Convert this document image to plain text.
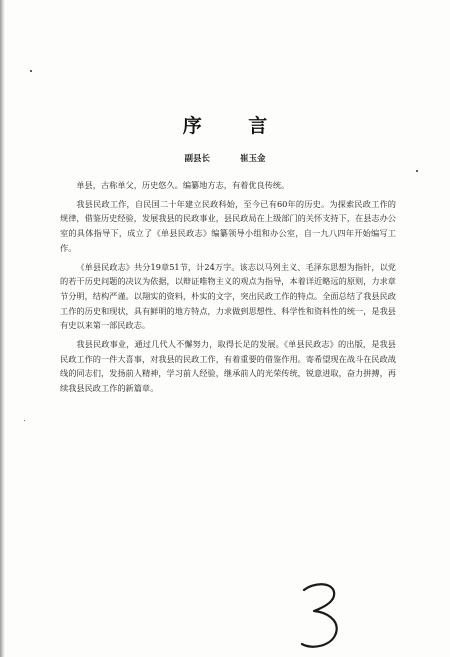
序 言
副县长	崔玉金

单县，古称单父，历史悠久。编纂地方志，有着优良传统。

我县民政工作，自民国二十年建立民政科始，至今已有60年的历史。为探索民政工作的规律，借鉴历史经验，发展我县的民政事业，县民政局在上级部门的关怀支持下，在县志办公室的具体指导下，成立了《单县民政志》编纂领导小组和办公室，自一九八四年开始编写工作。

《单县民政志》共分19章51节，计24万字。该志以马列主义、毛泽东思想为指针，以党的若干历史问题的决议为依据，以辩证唯物主义的观点为指导，本着详近略远的原则，力求章节分明，结构严谨。以翔实的资料，朴实的文字，突出民政工作的特点。全面总结了我县民政工作的历史和现状，具有鲜明的地方特点，力求做到思想性、科学性和资料性的统一，是我县有史以来第一部民政志。

我县民政事业，通过几代人不懈努力，取得长足的发展。《单县民政志》的出版，是我县民政工作的一件大喜事，对我县的民政工作，有着重要的借鉴作用。寄希望现在战斗在民政战线的同志们，发扬前人精神，学习前人经验，继承前人的光荣传统，锐意进取，奋力拼搏，再续我县民政工作的新篇章。
